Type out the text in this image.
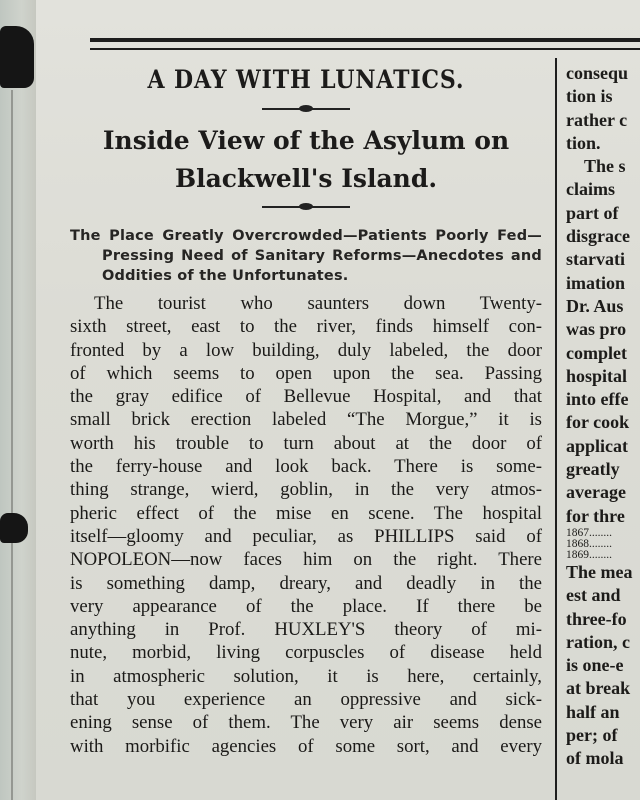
A DAY WITH LUNATICS.
Inside View of the Asylum on
Blackwell's Island.

The Place Greatly Overcrowded—Patients Poorly Fed—Pressing Need of Sanitary Reforms—Anecdotes and Oddities of the Unfortunates.

The tourist who saunters down Twenty-
sixth street, east to the river, finds himself con-
fronted by a low building, duly labeled, the door
of which seems to open upon the sea. Passing
the gray edifice of Bellevue Hospital, and that
small brick erection labeled “The Morgue,” it is
worth his trouble to turn about at the door of
the ferry-house and look back. There is some-
thing strange, wierd, goblin, in the very atmos-
pheric effect of the mise en scene. The hospital
itself—gloomy and peculiar, as PHILLIPS said of
NOPOLEON—now faces him on the right. There
is something damp, dreary, and deadly in the
very appearance of the place. If there be
anything in Prof. HUXLEY'S theory of mi-
nute, morbid, living corpuscles of disease held
in atmospheric solution, it is here, certainly,
that you experience an oppressive and sick-
ening sense of them. The very air seems dense
with morbific agencies of some sort, and every
consequ
tion is
rather c
tion.
The s
claims
part of
disgrace
starvati
imation
Dr. Aus
was pro
complet
hospital
into effe
for cook
applicat
greatly
average
for thre
1867........
1868........
1869........
The mea
est and
three-fo
ration, c
is one-e
at break
half an
per; of
of mola
